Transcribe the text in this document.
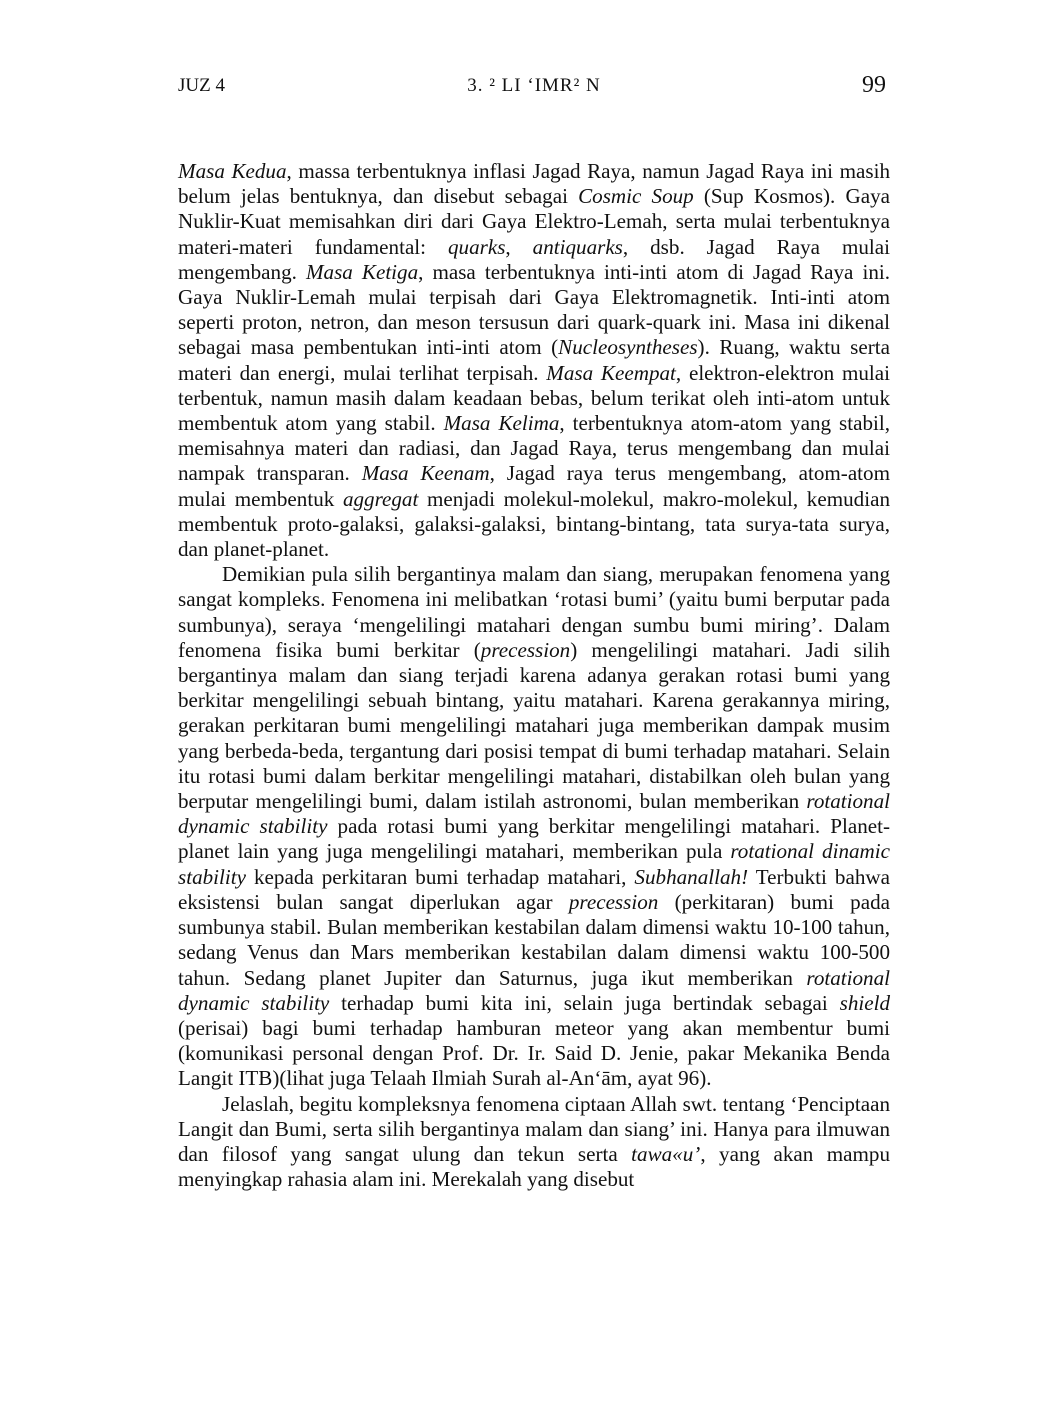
JUZ 4	3. ² LI ‘IMR² N	99

Masa Kedua, massa terbentuknya inflasi Jagad Raya, namun Jagad Raya ini masih belum jelas bentuknya, dan disebut sebagai Cosmic Soup (Sup Kosmos). Gaya Nuklir-Kuat memisahkan diri dari Gaya Elektro-Lemah, serta mulai terbentuknya materi-materi fundamental: quarks, antiquarks, dsb. Jagad Raya mulai mengembang. Masa Ketiga, masa terbentuknya inti-inti atom di Jagad Raya ini. Gaya Nuklir-Lemah mulai terpisah dari Gaya Elektromagnetik. Inti-inti atom seperti proton, netron, dan meson tersusun dari quark-quark ini. Masa ini dikenal sebagai masa pembentukan inti-inti atom (Nucleosyntheses). Ruang, waktu serta materi dan energi, mulai terlihat terpisah. Masa Keempat, elektron-elektron mulai terbentuk, namun masih dalam keadaan bebas, belum terikat oleh inti-atom untuk membentuk atom yang stabil. Masa Kelima, terbentuknya atom-atom yang stabil, memisahnya materi dan radiasi, dan Jagad Raya, terus mengembang dan mulai nampak transparan. Masa Keenam, Jagad raya terus mengembang, atom-atom mulai membentuk aggregat menjadi molekul-molekul, makro-molekul, kemudian membentuk proto-galaksi, galaksi-galaksi, bintang-bintang, tata surya-tata surya, dan planet-planet.

Demikian pula silih bergantinya malam dan siang, merupakan fenomena yang sangat kompleks. Fenomena ini melibatkan ‘rotasi bumi’ (yaitu bumi berputar pada sumbunya), seraya ‘mengelilingi matahari dengan sumbu bumi miring’. Dalam fenomena fisika bumi berkitar (precession) mengelilingi matahari. Jadi silih bergantinya malam dan siang terjadi karena adanya gerakan rotasi bumi yang berkitar mengelilingi sebuah bintang, yaitu matahari. Karena gerakannya miring, gerakan perkitaran bumi mengelilingi matahari juga memberikan dampak musim yang berbeda-beda, tergantung dari posisi tempat di bumi terhadap matahari. Selain itu rotasi bumi dalam berkitar mengelilingi matahari, distabilkan oleh bulan yang berputar mengelilingi bumi, dalam istilah astronomi, bulan memberikan rotational dynamic stability pada rotasi bumi yang berkitar mengelilingi matahari. Planet-planet lain yang juga mengelilingi matahari, memberikan pula rotational dinamic stability kepada perkitaran bumi terhadap matahari, Subhanallah! Terbukti bahwa eksistensi bulan sangat diperlukan agar precession (perkitaran) bumi pada sumbunya stabil. Bulan memberikan kestabilan dalam dimensi waktu 10-100 tahun, sedang Venus dan Mars memberikan kestabilan dalam dimensi waktu 100-500 tahun. Sedang planet Jupiter dan Saturnus, juga ikut memberikan rotational dynamic stability terhadap bumi kita ini, selain juga bertindak sebagai shield (perisai) bagi bumi terhadap hamburan meteor yang akan membentur bumi (komunikasi personal dengan Prof. Dr. Ir. Said D. Jenie, pakar Mekanika Benda Langit ITB)(lihat juga Telaah Ilmiah Surah al-An‘ām, ayat 96).

Jelaslah, begitu kompleksnya fenomena ciptaan Allah swt. tentang ‘Penciptaan Langit dan Bumi, serta silih bergantinya malam dan siang’ ini. Hanya para ilmuwan dan filosof yang sangat ulung dan tekun serta tawa«u’, yang akan mampu menyingkap rahasia alam ini. Merekalah yang disebut
